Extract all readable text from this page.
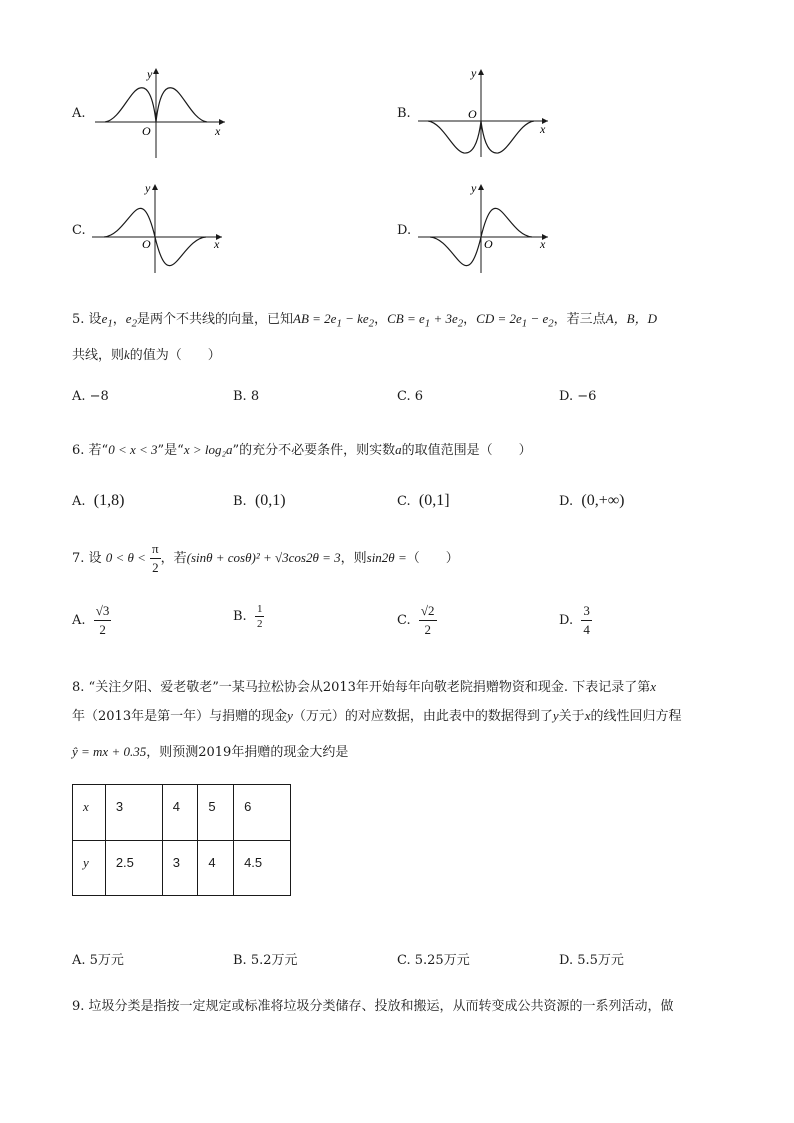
A.
y
O	x
B.
y
O
x
C.
y
O	x
D.
y
O	x
5. 设$e_1$，$e_2$是两个不共线的向量，已知AB = $2e_1 - ke_2$，CB = $e_1 + 3e_2$，CD = $2e_1 - e_2$，若三点A，B，D
共线，则k的值为（　　）
A. −8	B. 8	C. 6	D. −6
6. 若“0 < x < 3”是“x > log₂a”的充分不必要条件，则实数a的取值范围是（　　）
A. (1,8)	B. (0,1)	C. (0,1]	D. (0,+∞)
7. 设 $0 < \theta < \frac{\pi}{2}$ ，若(sinθ + cosθ)² + √3cos2θ = 3，则sin2θ =（　　）
A. $\frac{√3}{2}$	B. $\frac{1}{2}$	C. $\frac{√2}{2}$	D. $\frac{3}{4}$
8. “关注夕阳、爱老敬老”一某马拉松协会从2013年开始每年向敬老院捐赠物资和现金. 下表记录了第x
年（2013年是第一年）与捐赠的现金y（万元）的对应数据，由此表中的数据得到了y关于x的线性回归方程
ŷ = mx + 0.35，则预测2019年捐赠的现金大约是
x	3	4	5	6
y	2.5	3	4	4.5
A. 5万元	B. 5.2万元	C. 5.25万元	D. 5.5万元
9. 垃圾分类是指按一定规定或标准将垃圾分类储存、投放和搬运，从而转变成公共资源的一系列活动，做
